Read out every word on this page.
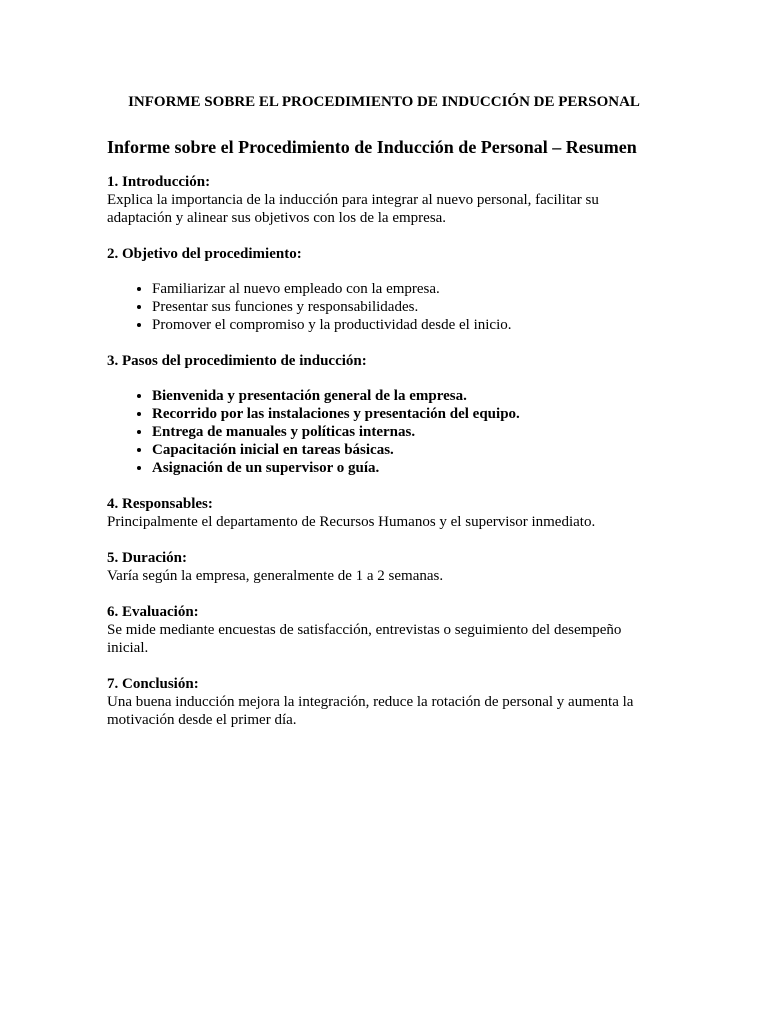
INFORME SOBRE EL PROCEDIMIENTO DE INDUCCIÓN DE PERSONAL
Informe sobre el Procedimiento de Inducción de Personal – Resumen

1. Introducción:

Explica la importancia de la inducción para integrar al nuevo personal, facilitar su adaptación y alinear sus objetivos con los de la empresa.

2. Objetivo del procedimiento:

• Familiarizar al nuevo empleado con la empresa.
• Presentar sus funciones y responsabilidades.
• Promover el compromiso y la productividad desde el inicio.

3. Pasos del procedimiento de inducción:

• Bienvenida y presentación general de la empresa.
• Recorrido por las instalaciones y presentación del equipo.
• Entrega de manuales y políticas internas.
• Capacitación inicial en tareas básicas.
• Asignación de un supervisor o guía.

4. Responsables:

Principalmente el departamento de Recursos Humanos y el supervisor inmediato.

5. Duración:

Varía según la empresa, generalmente de 1 a 2 semanas.

6. Evaluación:

Se mide mediante encuestas de satisfacción, entrevistas o seguimiento del desempeño inicial.

7. Conclusión:

Una buena inducción mejora la integración, reduce la rotación de personal y aumenta la motivación desde el primer día.
